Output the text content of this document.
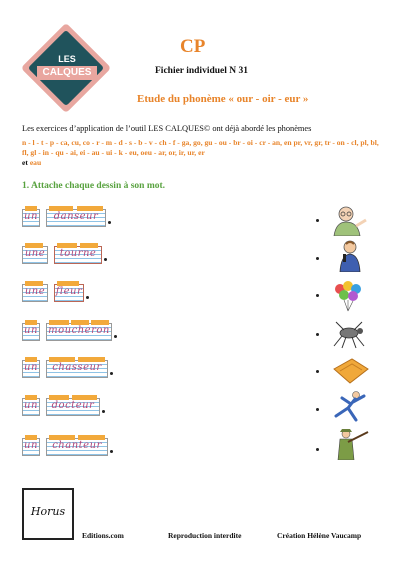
LES
CALQUES
CP
Fichier individuel N 31
Etude du phonème « our - oir - eur »
Les exercices d’application de l’outil LES CALQUES© ont déjà abordé les phonèmes
n - l - t - p - ca, cu, co - r - m - d - s - b - v - ch - f - ga, go, gu - ou - br - oi - cr - an, en pr, vr, gr, tr - on - cl, pl, bl, fl, gl - in - qu - ai, ei - au - ui - k - eu, oeu - ar, or, ir, ur, er
et eau
1. Attache chaque dessin à son mot.
un	danseur
une	tourne
une fleur
un moucheron
un	chasseur
un	docteur
un	chanteur
Horus
Editions.com	Reproduction interdite	Création Hélène Vaucamp
